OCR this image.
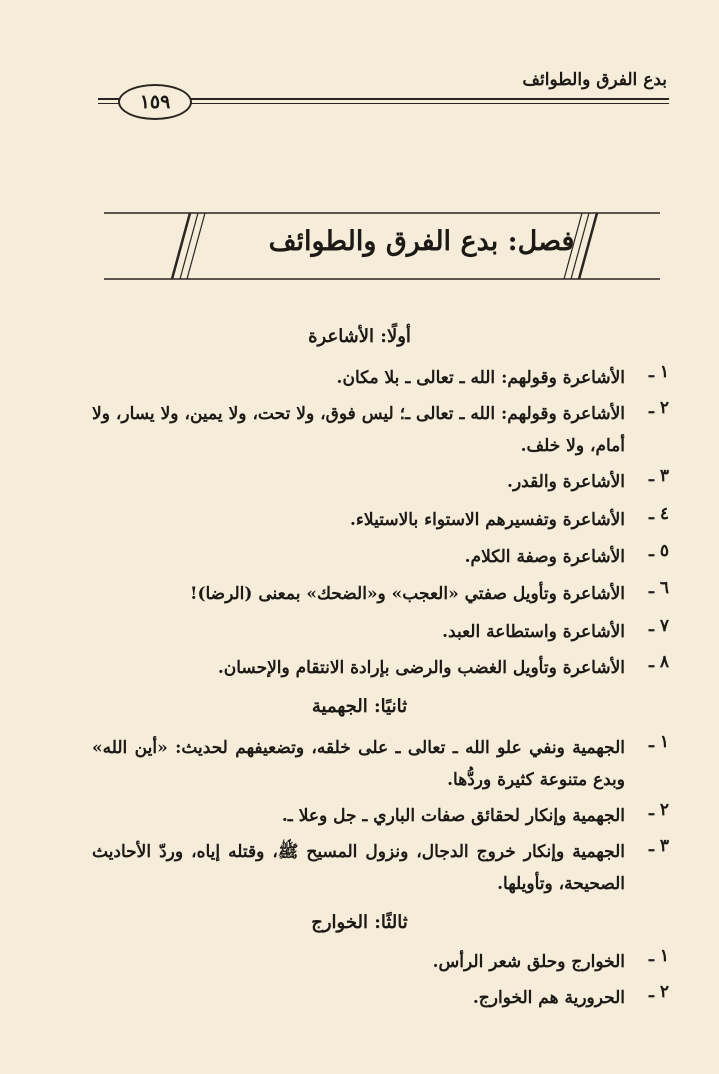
بدع الفرق والطوائف
١٥٩
فصل: بدع الفرق والطوائف
أولًا: الأشاعرة
١ ـ
الأشاعرة وقولهم: الله ـ تعالى ـ بلا مكان.
٢ ـ
الأشاعرة وقولهم: الله ـ تعالى ـ؛ ليس فوق، ولا تحت، ولا يمين، ولا يسار، ولا أمام، ولا خلف.
٣ ـ
الأشاعرة والقدر.
٤ ـ
الأشاعرة وتفسيرهم الاستواء بالاستيلاء.
٥ ـ
الأشاعرة وصفة الكلام.
٦ ـ
الأشاعرة وتأويل صفتي «العجب» و«الضحك» بمعنى (الرضا)!
٧ ـ
الأشاعرة واستطاعة العبد.
٨ ـ
الأشاعرة وتأويل الغضب والرضى بإرادة الانتقام والإحسان.
ثانيًا: الجهمية
١ ـ
الجهمية ونفي علو الله ـ تعالى ـ على خلقه، وتضعيفهم لحديث: «أين الله» وبدع متنوعة كثيرة وردُّها.
٢ ـ
الجهمية وإنكار لحقائق صفات الباري ـ جل وعلا ـ.
٣ ـ
الجهمية وإنكار خروج الدجال، ونزول المسيح ﷺ، وقتله إياه، وردّ الأحاديث الصحيحة، وتأويلها.
ثالثًا: الخوارج
١ ـ
الخوارج وحلق شعر الرأس.
٢ ـ
الحرورية هم الخوارج.
